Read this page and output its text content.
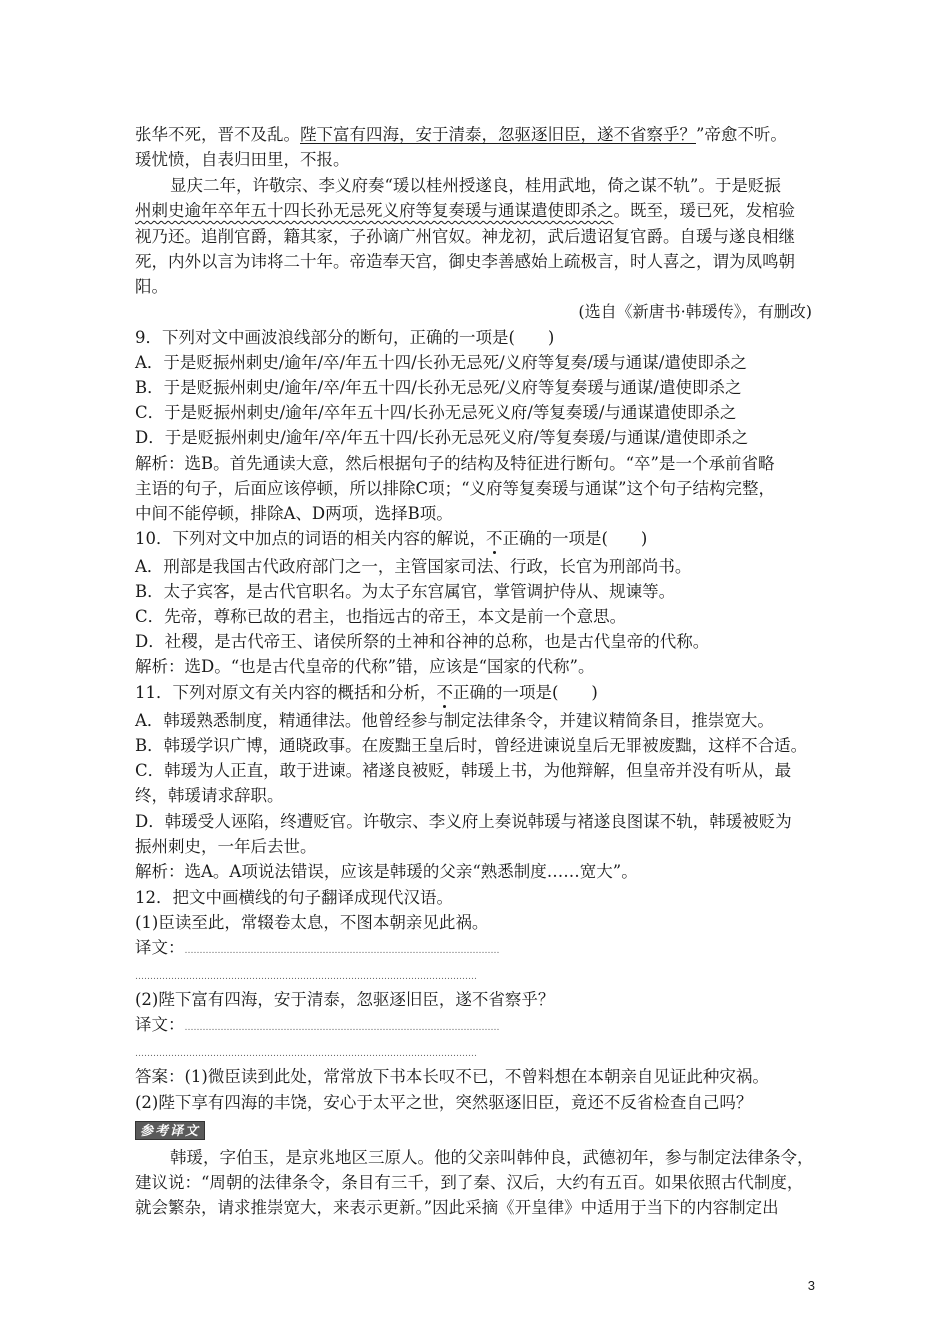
张华不死，晋不及乱。陛下富有四海，安于清泰，忽驱逐旧臣，遂不省察乎？”帝愈不听。
瑗忧愤，自表归田里，不报。
显庆二年，许敬宗、李义府奏“瑗以桂州授遂良，桂用武地，倚之谋不轨”。于是贬振
州刺史逾年卒年五十四长孙无忌死义府等复奏瑗与通谋遣使即杀之。既至，瑗已死，发棺验
视乃还。追削官爵，籍其家，子孙谪广州官奴。神龙初，武后遗诏复官爵。自瑗与遂良相继
死，内外以言为讳将二十年。帝造奉天宫，御史李善感始上疏极言，时人喜之，谓为凤鸣朝
阳。
(选自《新唐书·韩瑗传》，有删改)
9．下列对文中画波浪线部分的断句，正确的一项是(　　)
A．于是贬振州刺史/逾年/卒/年五十四/长孙无忌死/义府等复奏/瑗与通谋/遣使即杀之
B．于是贬振州刺史/逾年/卒/年五十四/长孙无忌死/义府等复奏瑗与通谋/遣使即杀之
C．于是贬振州刺史/逾年/卒年五十四/长孙无忌死义府/等复奏瑗/与通谋遣使即杀之
D．于是贬振州刺史/逾年/卒/年五十四/长孙无忌死义府/等复奏瑗/与通谋/遣使即杀之
解析：选B。首先通读大意，然后根据句子的结构及特征进行断句。“卒”是一个承前省略
主语的句子，后面应该停顿，所以排除C项；“义府等复奏瑗与通谋”这个句子结构完整，
中间不能停顿，排除A、D两项，选择B项。
10．下列对文中加点的词语的相关内容的解说，不正确的一项是(　　)
A．刑部是我国古代政府部门之一，主管国家司法、行政，长官为刑部尚书。
B．太子宾客，是古代官职名。为太子东宫属官，掌管调护侍从、规谏等。
C．先帝，尊称已故的君主，也指远古的帝王，本文是前一个意思。
D．社稷，是古代帝王、诸侯所祭的土神和谷神的总称，也是古代皇帝的代称。
解析：选D。“也是古代皇帝的代称”错，应该是“国家的代称”。
11．下列对原文有关内容的概括和分析，不正确的一项是(　　)
A．韩瑗熟悉制度，精通律法。他曾经参与制定法律条令，并建议精简条目，推崇宽大。
B．韩瑗学识广博，通晓政事。在废黜王皇后时，曾经进谏说皇后无罪被废黜，这样不合适。
C．韩瑗为人正直，敢于进谏。褚遂良被贬，韩瑗上书，为他辩解，但皇帝并没有听从，最
终，韩瑗请求辞职。
D．韩瑗受人诬陷，终遭贬官。许敬宗、李义府上奏说韩瑗与褚遂良图谋不轨，韩瑗被贬为
振州刺史，一年后去世。
解析：选A。A项说法错误，应该是韩瑗的父亲“熟悉制度……宽大”。
12．把文中画横线的句子翻译成现代汉语。
(1)臣读至此，常辍卷太息，不图本朝亲见此祸。
译文：……………………………………………………………………………………………
……………………………………………………………………………………………………
(2)陛下富有四海，安于清泰，忽驱逐旧臣，遂不省察乎？
译文：……………………………………………………………………………………………
……………………………………………………………………………………………………
答案：(1)微臣读到此处，常常放下书本长叹不已，不曾料想在本朝亲自见证此种灾祸。
(2)陛下享有四海的丰饶，安心于太平之世，突然驱逐旧臣，竟还不反省检查自己吗？
参考译文
韩瑗，字伯玉，是京兆地区三原人。他的父亲叫韩仲良，武德初年，参与制定法律条令，
建议说：“周朝的法律条令，条目有三千，到了秦、汉后，大约有五百。如果依照古代制度，
就会繁杂，请求推崇宽大，来表示更新。”因此采摘《开皇律》中适用于当下的内容制定出
3
